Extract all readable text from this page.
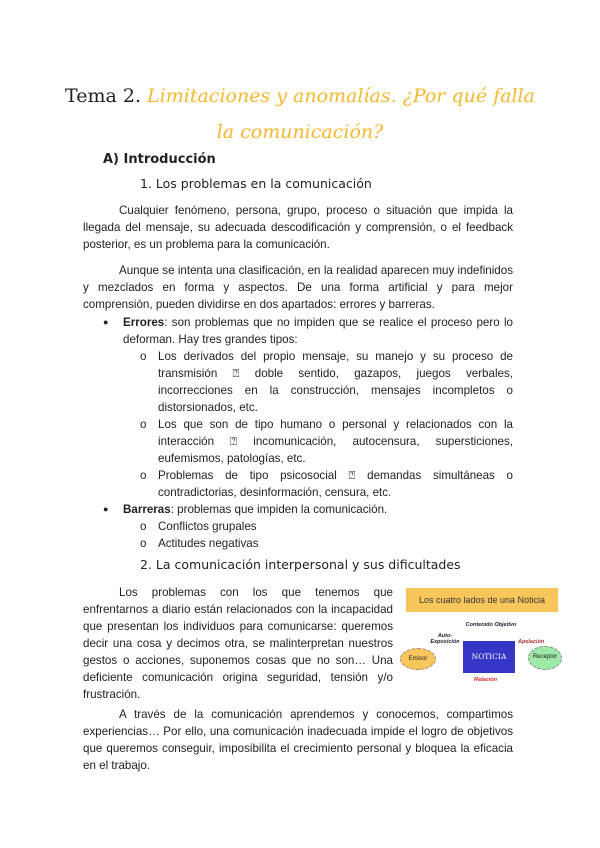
Tema 2. Limitaciones y anomalías. ¿Por qué falla la comunicación?
A) Introducción
1. Los problemas en la comunicación

Cualquier fenómeno, persona, grupo, proceso o situación que impida la llegada del mensaje, su adecuada descodificación y comprensión, o el feedback posterior, es un problema para la comunicación.

Aunque se intenta una clasificación, en la realidad aparecen muy indefinidos y mezclados en forma y aspectos. De una forma artificial y para mejor comprensión, pueden dividirse en dos apartados: errores y barreras.

● Errores: son problemas que no impiden que se realice el proceso pero lo deforman. Hay tres grandes tipos:
o Los derivados del propio mensaje, su manejo y su proceso de transmisión ⍰ doble sentido, gazapos, juegos verbales, incorrecciones en la construcción, mensajes incompletos o distorsionados, etc.
o Los que son de tipo humano o personal y relacionados con la interacción ⍰ incomunicación, autocensura, supersticiones, eufemismos, patologías, etc.
o Problemas de tipo psicosocial ⍰ demandas simultáneas o contradictorias, desinformación, censura, etc.
● Barreras: problemas que impiden la comunicación.
o Conflictos grupales
o Actitudes negativas
2. La comunicación interpersonal y sus dificultades

Los problemas con los que tenemos que enfrentarnos a diario están relacionados con la incapacidad que presentan los individuos para comunicarse: queremos decir una cosa y decimos otra, se malinterpretan nuestros gestos o acciones, suponemos cosas que no son… Una deficiente comunicación origina seguridad, tensión y/o frustración.

A través de la comunicación aprendemos y conocemos, compartimos experiencias… Por ello, una comunicación inadecuada impide el logro de objetivos que queremos conseguir, imposibilita el crecimiento personal y bloquea la eficacia en el trabajo.

Los cuatro lados de una Noticia
Contenido Objetivo
Auto-Exposición	Apelación
Relación
NOTICIA
Emisor	Receptor
